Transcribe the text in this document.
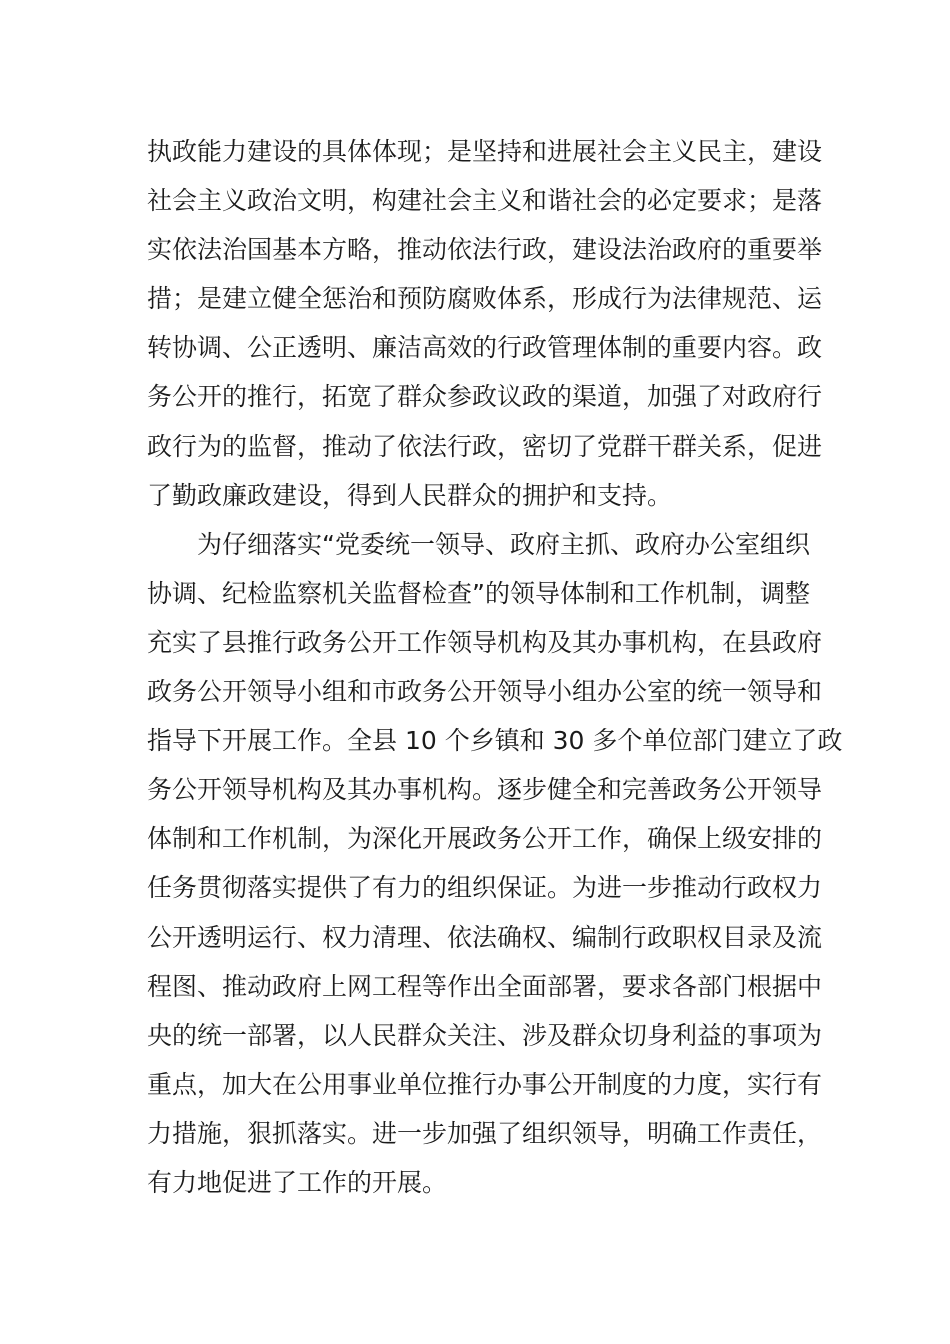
执政能力建设的具体体现；是坚持和进展社会主义民主，建设
社会主义政治文明，构建社会主义和谐社会的必定要求；是落
实依法治国基本方略，推动依法行政，建设法治政府的重要举
措；是建立健全惩治和预防腐败体系，形成行为法律规范、运
转协调、公正透明、廉洁高效的行政管理体制的重要内容。政
务公开的推行，拓宽了群众参政议政的渠道，加强了对政府行
政行为的监督，推动了依法行政，密切了党群干群关系，促进
了勤政廉政建设，得到人民群众的拥护和支持。
为仔细落实“党委统一领导、政府主抓、政府办公室组织
协调、纪检监察机关监督检查”的领导体制和工作机制，调整
充实了县推行政务公开工作领导机构及其办事机构，在县政府
政务公开领导小组和市政务公开领导小组办公室的统一领导和
指导下开展工作。全县 10 个乡镇和 30 多个单位部门建立了政
务公开领导机构及其办事机构。逐步健全和完善政务公开领导
体制和工作机制，为深化开展政务公开工作，确保上级安排的
任务贯彻落实提供了有力的组织保证。为进一步推动行政权力
公开透明运行、权力清理、依法确权、编制行政职权目录及流
程图、推动政府上网工程等作出全面部署，要求各部门根据中
央的统一部署，以人民群众关注、涉及群众切身利益的事项为
重点，加大在公用事业单位推行办事公开制度的力度，实行有
力措施，狠抓落实。进一步加强了组织领导，明确工作责任，
有力地促进了工作的开展。
